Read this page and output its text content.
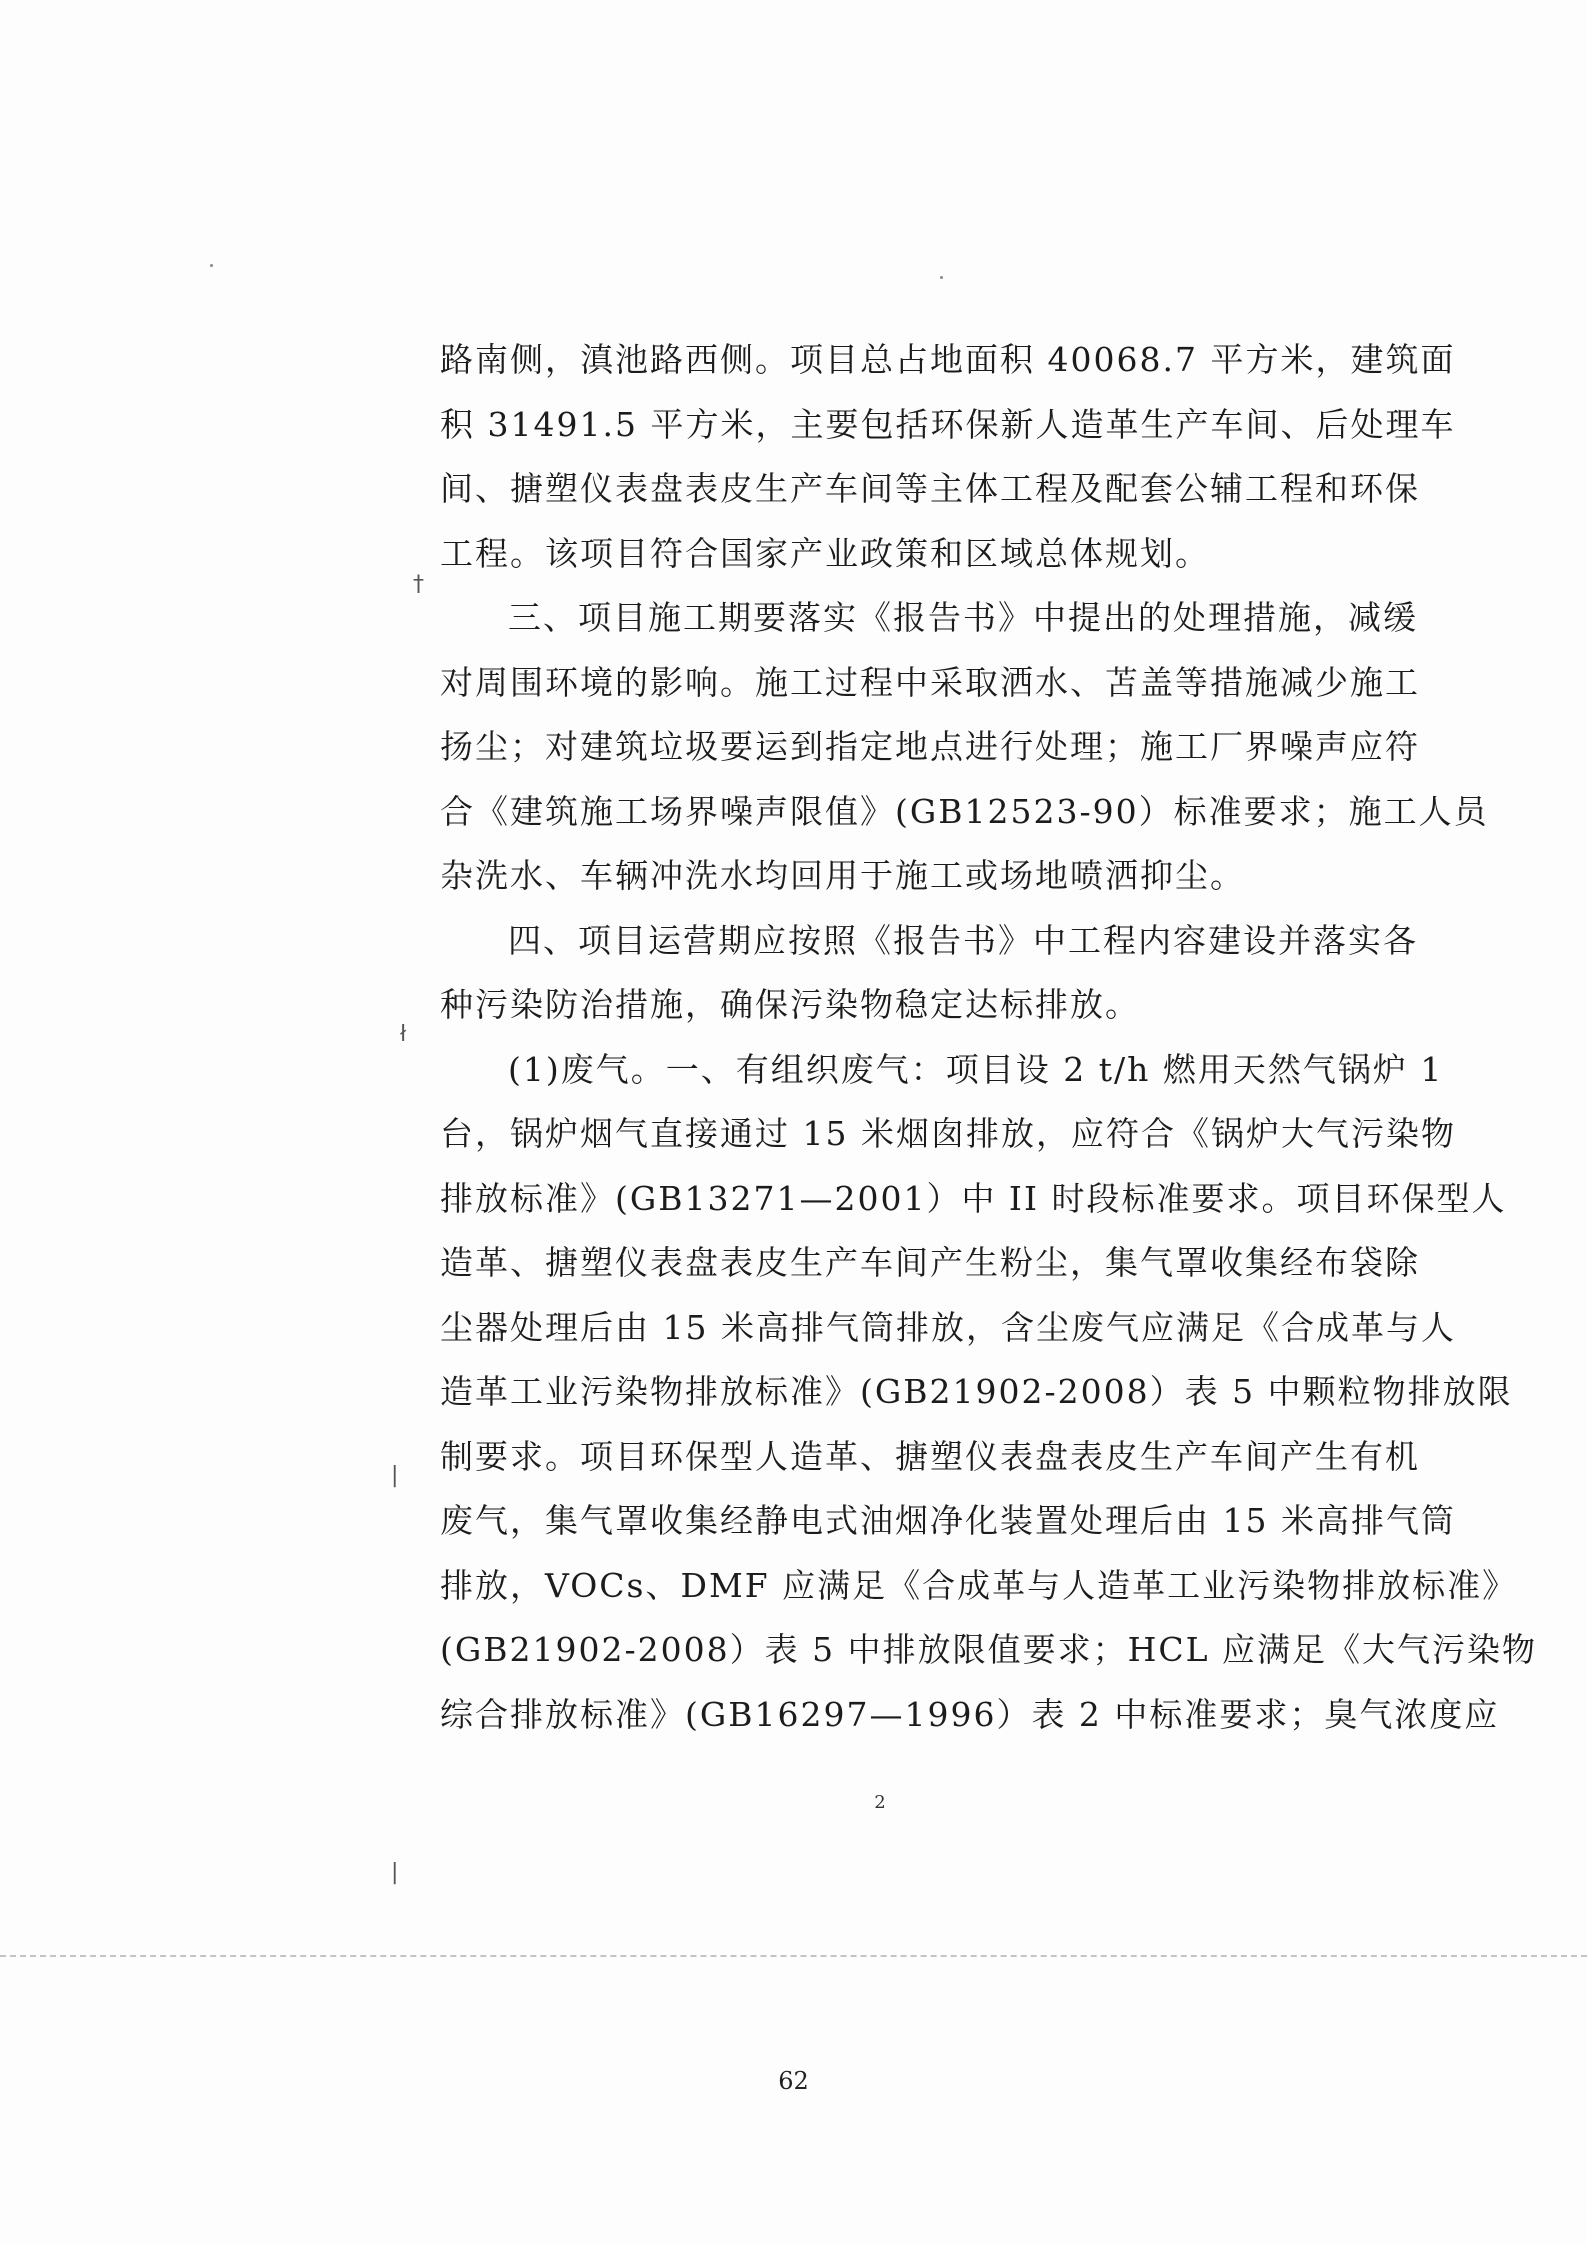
路南侧，滇池路西侧。项目总占地面积 40068.7 平方米，建筑面
积 31491.5 平方米，主要包括环保新人造革生产车间、后处理车
间、搪塑仪表盘表皮生产车间等主体工程及配套公辅工程和环保
工程。该项目符合国家产业政策和区域总体规划。
三、项目施工期要落实《报告书》中提出的处理措施，减缓
对周围环境的影响。施工过程中采取洒水、苫盖等措施减少施工
扬尘；对建筑垃圾要运到指定地点进行处理；施工厂界噪声应符
合《建筑施工场界噪声限值》(GB12523-90）标准要求；施工人员
杂洗水、车辆冲洗水均回用于施工或场地喷洒抑尘。
四、项目运营期应按照《报告书》中工程内容建设并落实各
种污染防治措施，确保污染物稳定达标排放。
(1)废气。一、有组织废气：项目设 2 t/h 燃用天然气锅炉 1
台，锅炉烟气直接通过 15 米烟囱排放，应符合《锅炉大气污染物
排放标准》(GB13271—2001）中 II 时段标准要求。项目环保型人
造革、搪塑仪表盘表皮生产车间产生粉尘，集气罩收集经布袋除
尘器处理后由 15 米高排气筒排放，含尘废气应满足《合成革与人
造革工业污染物排放标准》(GB21902-2008）表 5 中颗粒物排放限
制要求。项目环保型人造革、搪塑仪表盘表皮生产车间产生有机
废气，集气罩收集经静电式油烟净化装置处理后由 15 米高排气筒
排放，VOCs、DMF 应满足《合成革与人造革工业污染物排放标准》
(GB21902-2008）表 5 中排放限值要求；HCL 应满足《大气污染物
综合排放标准》(GB16297—1996）表 2 中标准要求；臭气浓度应
2
62
†
ł
|
|
